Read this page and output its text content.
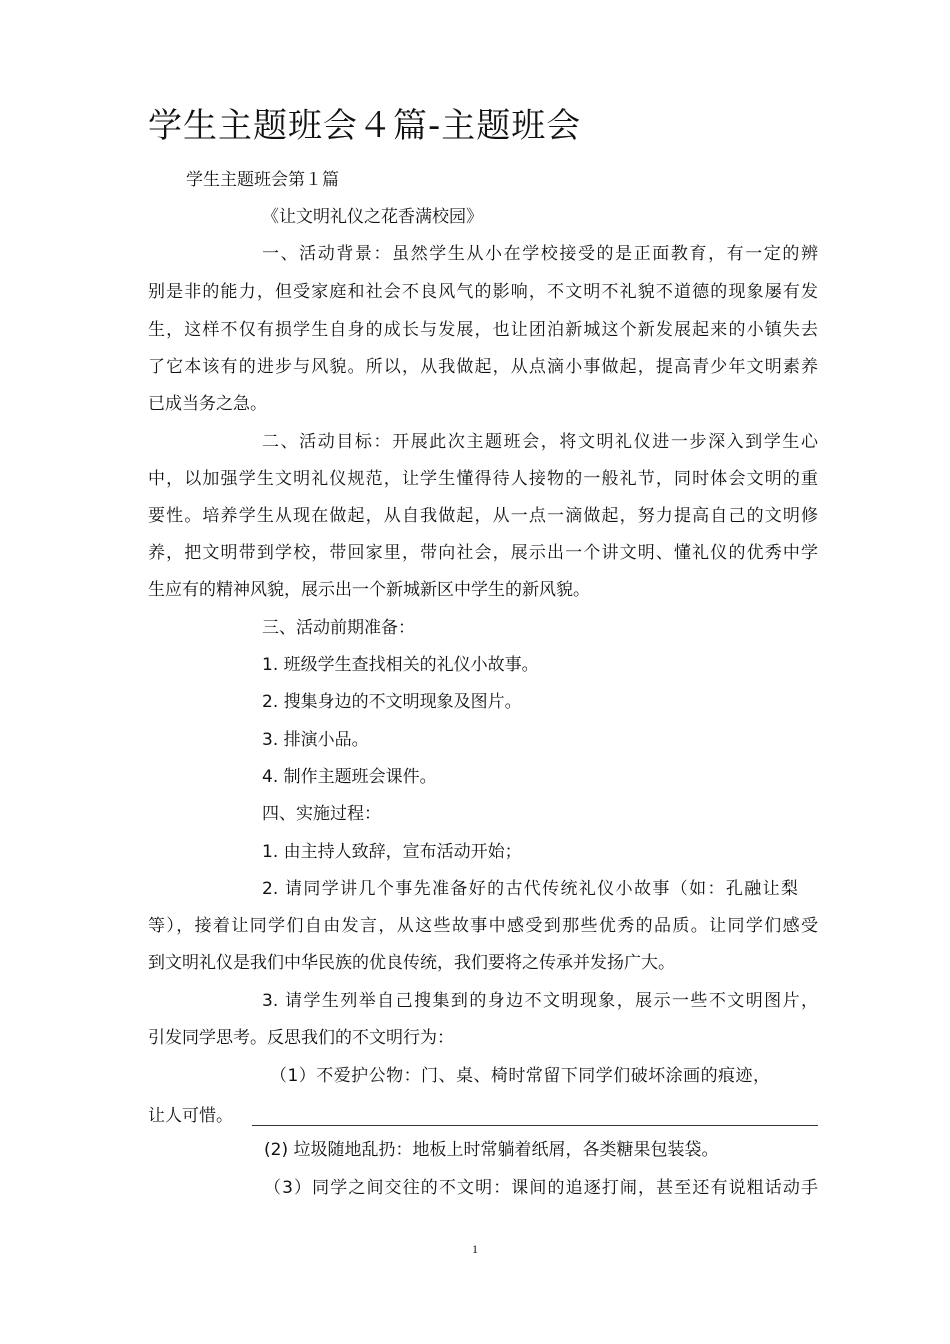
学生主题班会４篇-主题班会
学生主题班会第１篇
《让文明礼仪之花香满校园》
一、活动背景：虽然学生从小在学校接受的是正面教育，有一定的辨
别是非的能力，但受家庭和社会不良风气的影响，不文明不礼貌不道德的现象屡有发
生，这样不仅有损学生自身的成长与发展，也让团泊新城这个新发展起来的小镇失去
了它本该有的进步与风貌。所以，从我做起，从点滴小事做起，提高青少年文明素养
已成当务之急。
二、活动目标：开展此次主题班会，将文明礼仪进一步深入到学生心
中，以加强学生文明礼仪规范，让学生懂得待人接物的一般礼节，同时体会文明的重
要性。培养学生从现在做起，从自我做起，从一点一滴做起，努力提高自己的文明修
养，把文明带到学校，带回家里，带向社会，展示出一个讲文明、懂礼仪的优秀中学
生应有的精神风貌，展示出一个新城新区中学生的新风貌。
三、活动前期准备：
1. 班级学生查找相关的礼仪小故事。
2. 搜集身边的不文明现象及图片。
3. 排演小品。
4. 制作主题班会课件。
四、实施过程：
1. 由主持人致辞，宣布活动开始；
2. 请同学讲几个事先准备好的古代传统礼仪小故事（如：孔融让梨
等），接着让同学们自由发言，从这些故事中感受到那些优秀的品质。让同学们感受
到文明礼仪是我们中华民族的优良传统，我们要将之传承并发扬广大。
3. 请学生列举自己搜集到的身边不文明现象，展示一些不文明图片，
引发同学思考。反思我们的不文明行为：
（1）不爱护公物：门、桌、椅时常留下同学们破坏涂画的痕迹，
让人可惜。
(2) 垃圾随地乱扔：地板上时常躺着纸屑，各类糖果包装袋。
（3）同学之间交往的不文明：课间的追逐打闹，甚至还有说粗话动手
1
